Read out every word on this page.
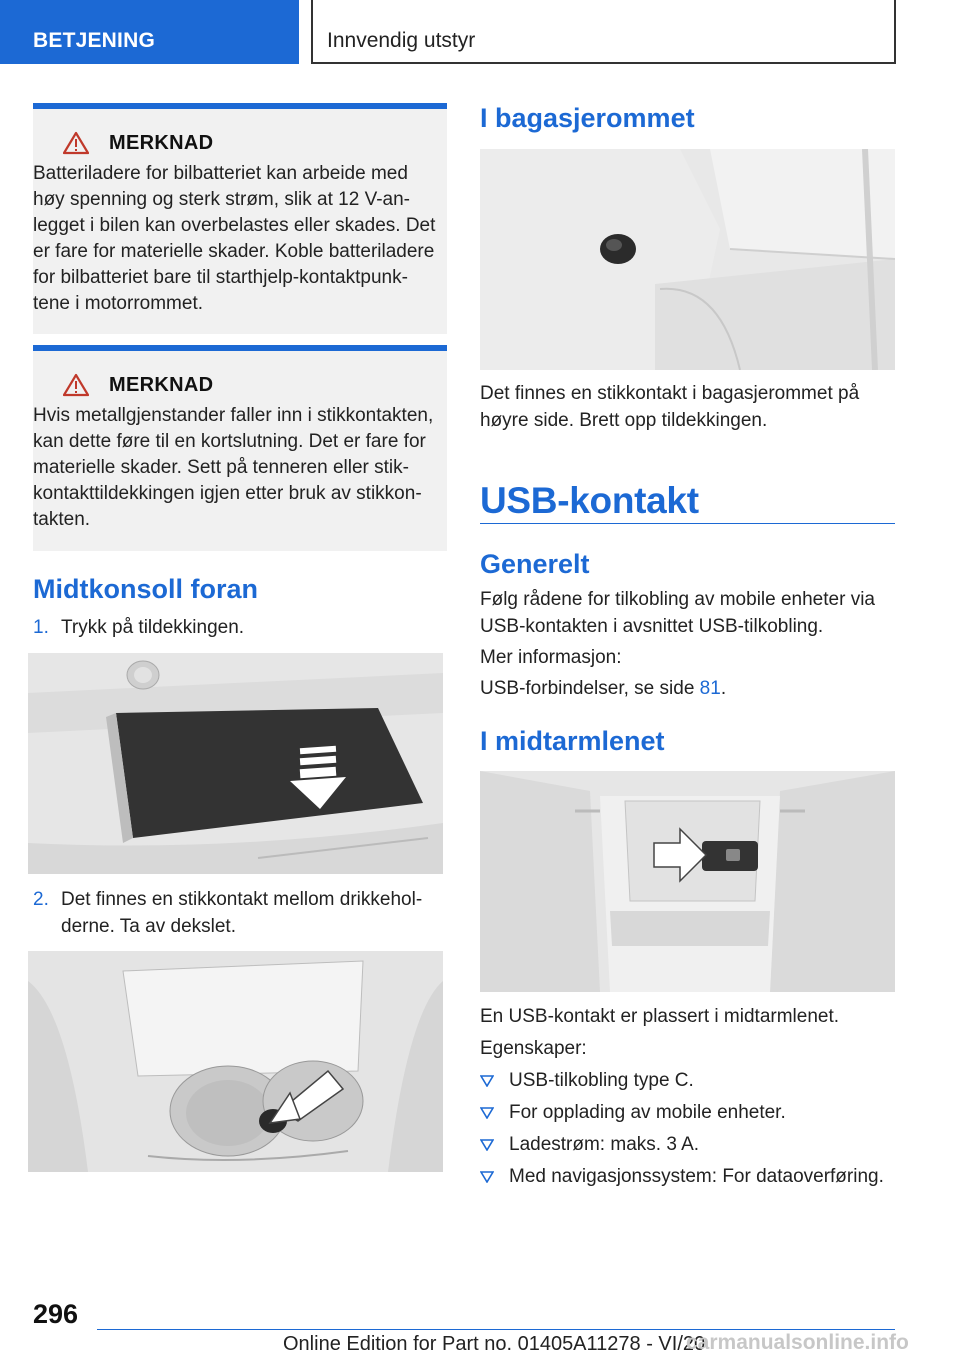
BETJENING	Innvendig utstyr
MERKNAD
Batteriladere for bilbatteriet kan arbeide med høy spenning og sterk strøm, slik at 12 V-an-legget i bilen kan overbelastes eller skades. Det er fare for materielle skader. Koble batteriladere for bilbatteriet bare til starthjelp-kontaktpunk-tene i motorrommet.
MERKNAD
Hvis metallgjenstander faller inn i stikkontakten, kan dette føre til en kortslutning. Det er fare for materielle skader. Sett på tenneren eller stik-kontakttildekkingen igjen etter bruk av stikkon-takten.
Midtkonsoll foran
1. Trykk på tildekkingen.
2. Det finnes en stikkontakt mellom drikkehol-derne. Ta av dekslet.
I bagasjerommet
Det finnes en stikkontakt i bagasjerommet på høyre side. Brett opp tildekkingen.
USB-kontakt
Generelt
Følg rådene for tilkobling av mobile enheter via USB-kontakten i avsnittet USB-tilkobling.
Mer informasjon:
USB-forbindelser, se side 81.
I midtarmlenet
En USB-kontakt er plassert i midtarmlenet.
Egenskaper:
USB-tilkobling type C.
For opplading av mobile enheter.
Ladestrøm: maks. 3 A.
Med navigasjonssystem: For dataoverføring.
296
Online Edition for Part no. 01405A11278 - VI/20
carmanualsonline.info
